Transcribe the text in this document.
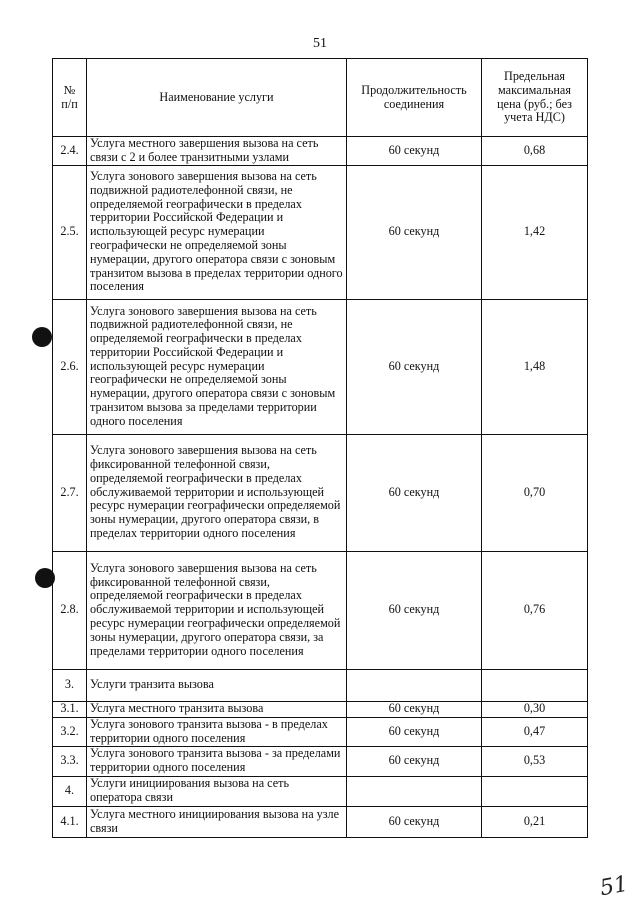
51
№
п/п	Наименование услуги	Продолжительность соединения	Предельная максимальная цена (руб.; без учета НДС)
2.4.	Услуга местного завершения вызова на сеть связи с 2 и более транзитными узлами	60 секунд	0,68
2.5.	Услуга зонового завершения вызова на сеть подвижной радиотелефонной связи, не определяемой географически в пределах территории Российской Федерации и использующей ресурс нумерации географически не определяемой зоны нумерации, другого оператора связи с зоновым транзитом вызова в пределах территории одного поселения	60 секунд	1,42
2.6.	Услуга зонового завершения вызова на сеть подвижной радиотелефонной связи, не определяемой географически в пределах территории Российской Федерации и использующей ресурс нумерации географически не определяемой зоны нумерации, другого оператора связи с зоновым транзитом вызова за пределами территории одного поселения	60 секунд	1,48
2.7.	Услуга зонового завершения вызова на сеть фиксированной телефонной связи, определяемой географически в пределах обслуживаемой территории и использующей ресурс нумерации географически определяемой зоны нумерации, другого оператора связи, в пределах территории одного поселения	60 секунд	0,70
2.8.	Услуга зонового завершения вызова на сеть фиксированной телефонной связи, определяемой географически в пределах обслуживаемой территории и использующей ресурс нумерации географически определяемой зоны нумерации, другого оператора связи, за пределами территории одного поселения	60 секунд	0,76
3.	Услуги транзита вызова		
3.1.	Услуга местного транзита вызова	60 секунд	0,30
3.2.	Услуга зонового транзита вызова - в пределах территории одного поселения	60 секунд	0,47
3.3.	Услуга зонового транзита вызова - за пределами территории одного поселения	60 секунд	0,53
4.	Услуги инициирования вызова на сеть оператора связи		
4.1.	Услуга местного инициирования вызова на узле связи	60 секунд	0,21
51
